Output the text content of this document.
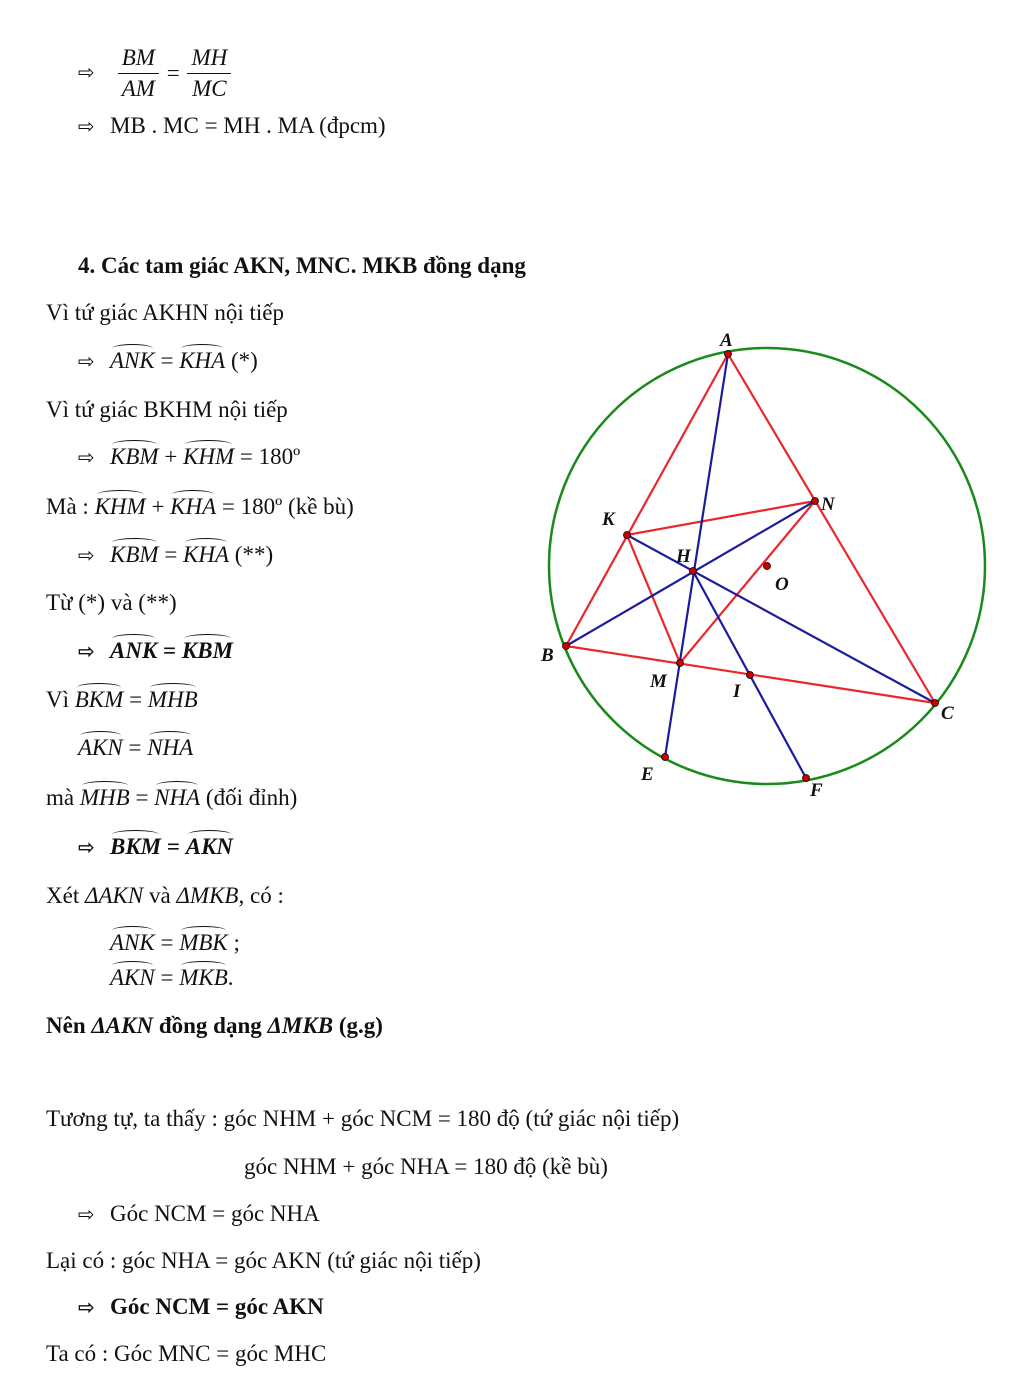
⇨ $\frac{BM}{AM} = \frac{MH}{MC}$
⇨ MB . MC = MH . MA (đpcm)
4. Các tam giác AKN, MNC. MKB đồng dạng
Vì tứ giác AKHN nội tiếp
⇨ ANK = KHA (*)
Vì tứ giác BKHM nội tiếp
⇨ KBM + KHM = 180º
Mà : KHM + KHA = 180º (kề bù)
⇨ KBM = KHA (**)
Từ (*) và (**)
⇨ ANK = KBM
Vì BKM = MHB
AKN = NHA
mà MHB = NHA (đối đỉnh)
⇨ BKM = AKN
Xét ΔAKN và ΔMKB, có :
ANK = MBK ;
AKN = MKB.
Nên ΔAKN đồng dạng ΔMKB (g.g)
Tương tự, ta thấy : góc NHM + góc NCM = 180 độ (tứ giác nội tiếp)
góc NHM + góc NHA = 180 độ (kề bù)
⇨ Góc NCM = góc NHA
Lại có : góc NHA = góc AKN (tứ giác nội tiếp)
⇨ Góc NCM = góc AKN
Ta có : Góc MNC = góc MHC
A
B
C
K
N
H
O
M	I
E
F
